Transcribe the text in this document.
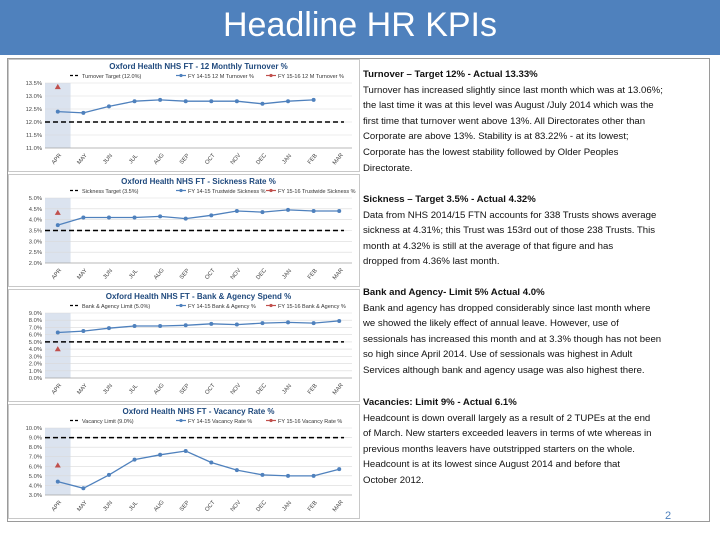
Headline HR KPIs
Oxford Health NHS FT - 12 Monthly Turnover %
Turnover Target (12.0%)	FY 14-15 12 M Turnover %	FY 15-16 12 M Turnover %
13.5%
13.0%
12.5%
12.0%
11.5%
11.0%
APR MAY JUN JUL AUG SEP OCT NOV DEC JAN FEB MAR
Oxford Health NHS FT - Sickness Rate %
Sickness Target (3.5%)	FY 14-15 Trustwide Sickness % FY 15-16 Trustwide Sickness %
5.0%
4.5%
4.0%
3.5%
3.0%
2.5%
2.0%
APR MAY JUN JUL AUG SEP OCT NOV DEC JAN FEB MAR
Oxford Health NHS FT - Bank & Agency Spend %
Bank & Agency Limit (5.0%)	FY 14-15 Bank & Agency %	FY 15-16 Bank & Agency %
9.0%
8.0%
7.0%
6.0%
5.0%
4.0%
3.0%
2.0%
1.0%
0.0%
APR MAY JUN JUL AUG SEP OCT NOV DEC JAN FEB MAR
Oxford Health NHS FT - Vacancy Rate %
Vacancy Limit (9.0%)	FY 14-15 Vacancy Rate %	FY 15-16 Vacancy Rate %
10.0%
9.0%
8.0%
7.0%
6.0%
5.0%
4.0%
3.0%
APR MAY JUN JUL AUG SEP OCT NOV DEC JAN FEB MAR
Turnover – Target 12% - Actual 13.33%
Turnover has increased slightly since last month which was at 13.06%;
the last time it was at this level was August /July 2014 which was the
first time that turnover went above 13%. All Directorates other than
Corporate are above 13%. Stability is at 83.22% - at its lowest;
Corporate has the lowest stability followed by Older Peoples
Directorate.
Sickness – Target 3.5% - Actual 4.32%
Data from NHS 2014/15 FTN accounts for 338 Trusts shows average
sickness at 4.31%; this Trust was 153rd out of those 238 Trusts. This
month at 4.32% is still at the average of that figure and has
dropped from 4.36% last month.
Bank and Agency- Limit 5% Actual 4.0%
Bank and agency has dropped considerably since last month where
we showed the likely effect of annual leave. However, use of
sessionals has increased this month and at 3.3% though has not been
so high since April 2014. Use of sessionals was highest in Adult
Services although bank and agency usage was also highest there.
Vacancies: Limit 9% - Actual 6.1%
Headcount is down overall largely as a result of 2 TUPEs at the end
of March. New starters exceeded leavers in terms of wte whereas in
previous months leavers have outstripped starters on the whole.
Headcount is at its lowest since August 2014 and before that
October 2012.
2
